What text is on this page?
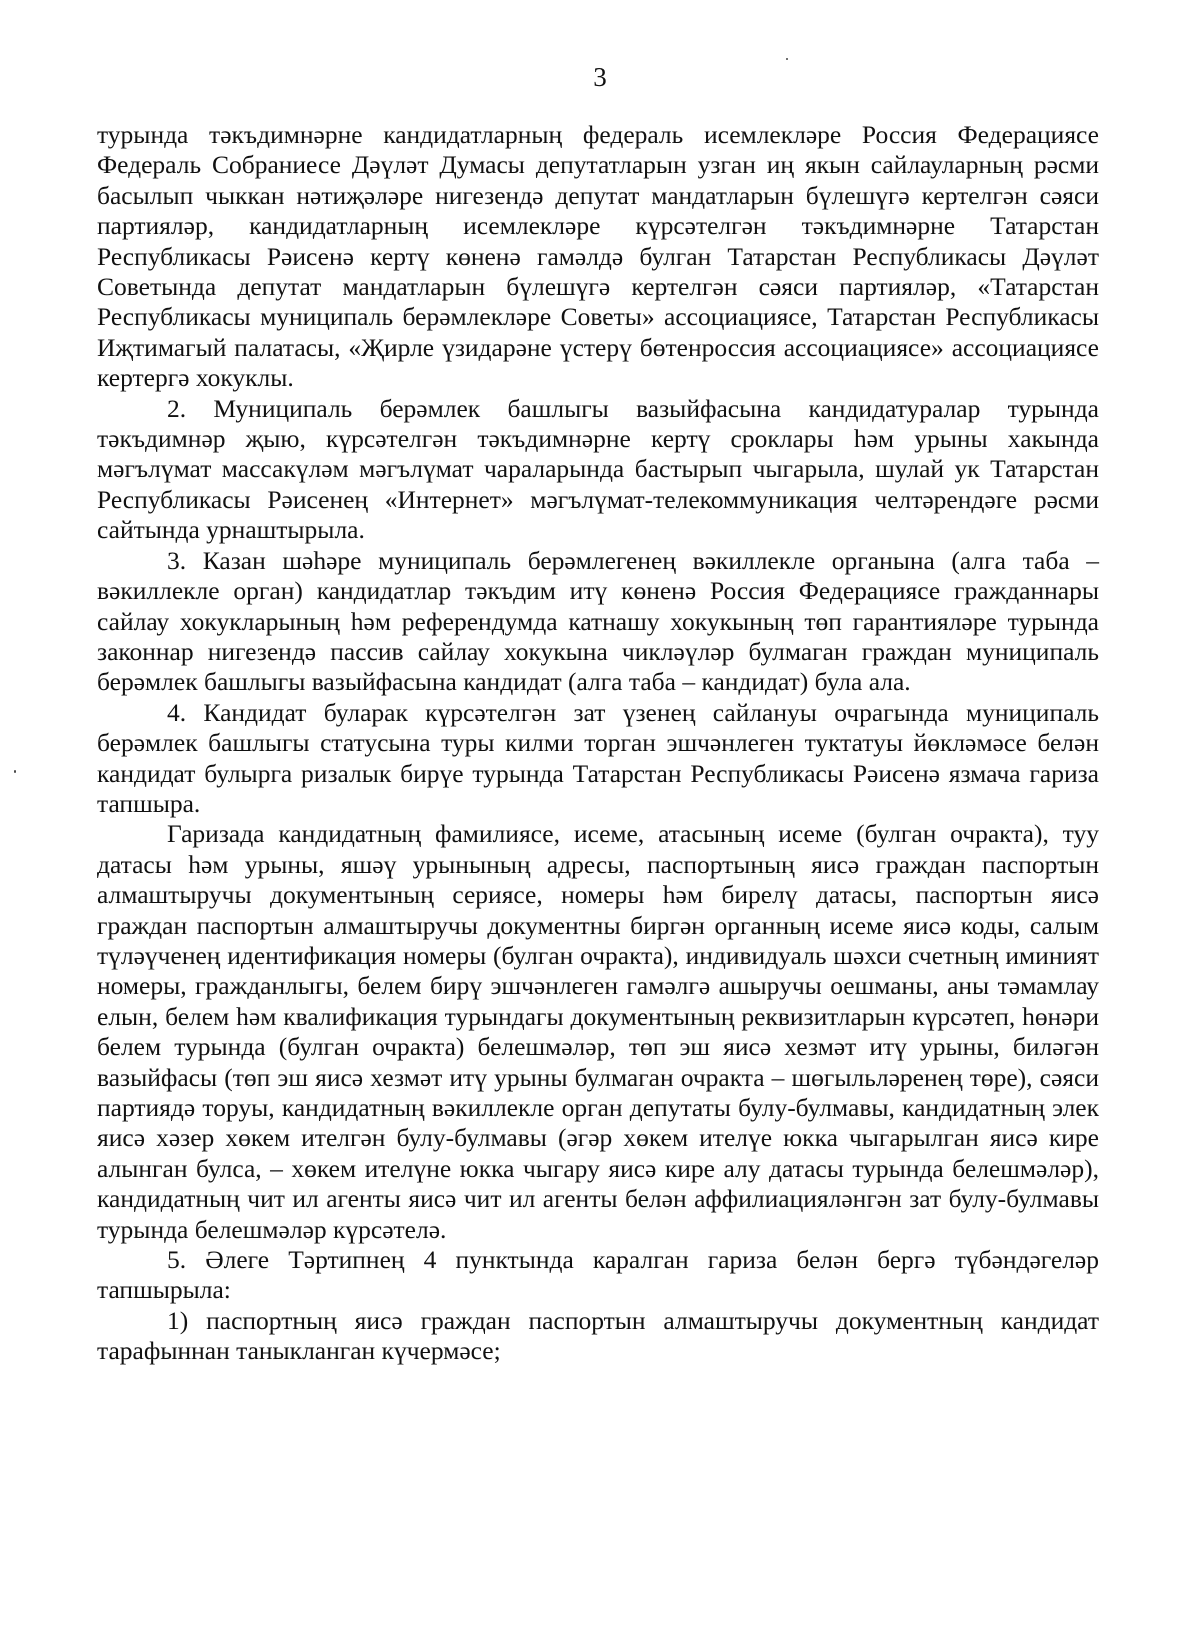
3

турында тәкъдимнәрне кандидатларның федераль исемлекләре Россия Федерациясе Федераль Собраниесе Дәүләт Думасы депутатларын узган иң якын сайлауларның рәсми басылып чыккан нәтиҗәләре нигезендә депутат мандатларын бүлешүгә кертелгән сәяси партияләр, кандидатларның исемлекләре күрсәтелгән тәкъдимнәрне Татарстан Республикасы Рәисенә кертү көненә гамәлдә булган Татарстан Республикасы Дәүләт Советында депутат мандатларын бүлешүгә кертелгән сәяси партияләр, «Татарстан Республикасы муниципаль берәмлекләре Советы» ассоциациясе, Татарстан Республикасы Иҗтимагый палатасы, «Җирле үзидарәне үстерү бөтенроссия ассоциациясе» ассоциациясе кертергә хокуклы.

2. Муниципаль берәмлек башлыгы вазыйфасына кандидатуралар турында тәкъдимнәр җыю, күрсәтелгән тәкъдимнәрне кертү сроклары һәм урыны хакында мәгълүмат массакүләм мәгълүмат чараларында бастырып чыгарыла, шулай ук Татарстан Республикасы Рәисенең «Интернет» мәгълүмат-телекоммуникация челтәрендәге рәсми сайтында урнаштырыла.

3. Казан шәһәре муниципаль берәмлегенең вәкиллекле органына (алга таба – вәкиллекле орган) кандидатлар тәкъдим итү көненә Россия Федерациясе гражданнары сайлау хокукларының һәм референдумда катнашу хокукының төп гарантияләре турында законнар нигезендә пассив сайлау хокукына чикләүләр булмаган граждан муниципаль берәмлек башлыгы вазыйфасына кандидат (алга таба – кандидат) була ала.

4. Кандидат буларак күрсәтелгән зат үзенең сайлануы очрагында муниципаль берәмлек башлыгы статусына туры килми торган эшчәнлеген туктатуы йөкләмәсе белән кандидат булырга ризалык бирүе турында Татарстан Республикасы Рәисенә язмача гариза тапшыра.

Гаризада кандидатның фамилиясе, исеме, атасының исеме (булган очракта), туу датасы һәм урыны, яшәү урынының адресы, паспортының яисә граждан паспортын алмаштыручы документының сериясе, номеры һәм бирелү датасы, паспортын яисә граждан паспортын алмаштыручы документны биргән органның исеме яисә коды, салым түләүченең идентификация номеры (булган очракта), индивидуаль шәхси счетның иминият номеры, гражданлыгы, белем бирү эшчәнлеген гамәлгә ашыручы оешманы, аны тәмамлау елын, белем һәм квалификация турындагы документының реквизитларын күрсәтеп, һөнәри белем турында (булган очракта) белешмәләр, төп эш яисә хезмәт итү урыны, биләгән вазыйфасы (төп эш яисә хезмәт итү урыны булмаган очракта – шөгыльләренең төре), сәяси партиядә торуы, кандидатның вәкиллекле орган депутаты булу-булмавы, кандидатның элек яисә хәзер хөкем ителгән булу-булмавы (әгәр хөкем ителүе юкка чыгарылган яисә кире алынган булса, – хөкем ителүне юкка чыгару яисә кире алу датасы турында белешмәләр), кандидатның чит ил агенты яисә чит ил агенты белән аффилиацияләнгән зат булу-булмавы турында белешмәләр күрсәтелә.

5. Әлеге Тәртипнең 4 пунктында каралган гариза белән бергә түбәндәгеләр тапшырыла:

1) паспортның яисә граждан паспортын алмаштыручы документның кандидат тарафыннан таныкланган күчермәсе;
